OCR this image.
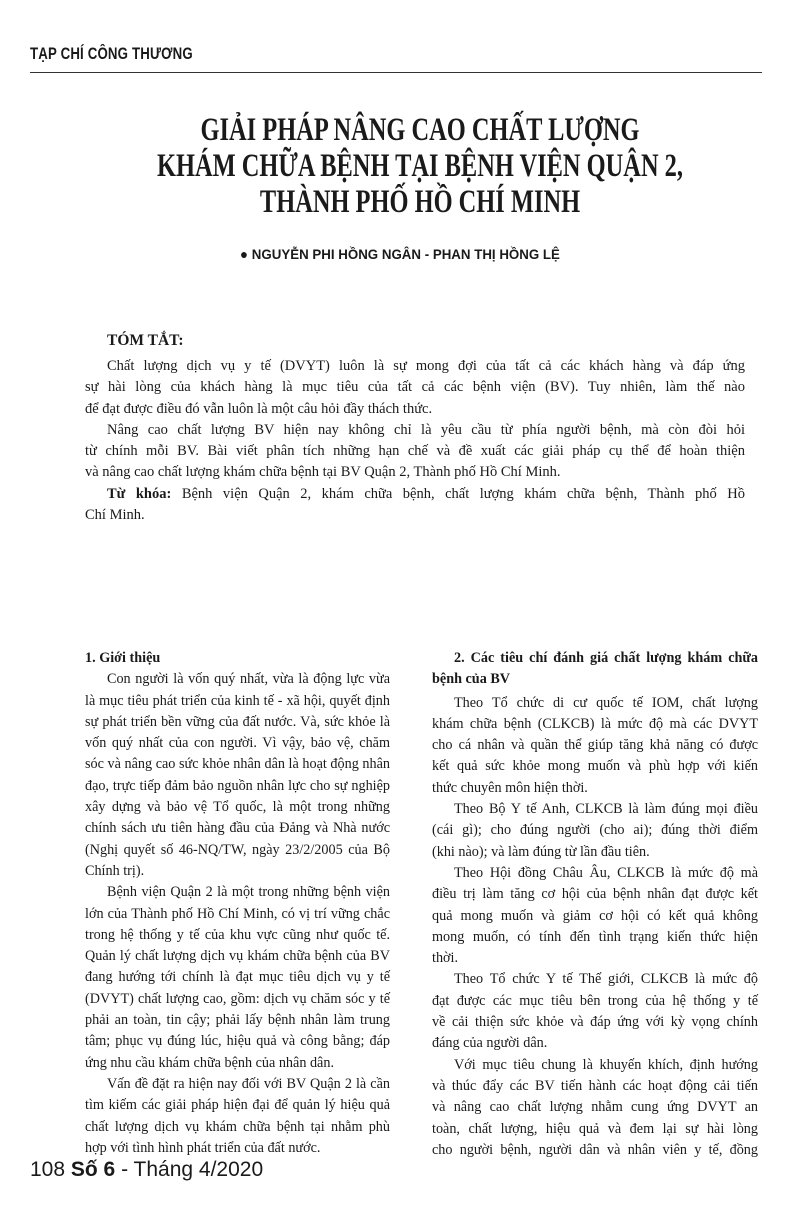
TẠP CHÍ CÔNG THƯƠNG
GIẢI PHÁP NÂNG CAO CHẤT LƯỢNG
KHÁM CHỮA BỆNH TẠI BỆNH VIỆN QUẬN 2,
THÀNH PHỐ HỒ CHÍ MINH
● NGUYỄN PHI HỒNG NGÂN - PHAN THỊ HỒNG LỆ
TÓM TẮT:
Chất lượng dịch vụ y tế (DVYT) luôn là sự mong đợi của tất cả các khách hàng và đáp ứng
sự hài lòng của khách hàng là mục tiêu của tất cả các bệnh viện (BV). Tuy nhiên, làm thế nào
để đạt được điều đó vẫn luôn là một câu hỏi đầy thách thức.
Nâng cao chất lượng BV hiện nay không chỉ là yêu cầu từ phía người bệnh, mà còn đòi hỏi
từ chính mỗi BV. Bài viết phân tích những hạn chế và đề xuất các giải pháp cụ thể để hoàn thiện
và nâng cao chất lượng khám chữa bệnh tại BV Quận 2, Thành phố Hồ Chí Minh.
Từ khóa: Bệnh viện Quận 2, khám chữa bệnh, chất lượng khám chữa bệnh, Thành phố Hồ
Chí Minh.
1. Giới thiệu
Con người là vốn quý nhất, vừa là động lực vừa
là mục tiêu phát triển của kinh tế - xã hội, quyết định
sự phát triển bền vững của đất nước. Và, sức khỏe là
vốn quý nhất của con người. Vì vậy, bảo vệ, chăm
sóc và nâng cao sức khỏe nhân dân là hoạt động nhân
đạo, trực tiếp đảm bảo nguồn nhân lực cho sự nghiệp
xây dựng và bảo vệ Tổ quốc, là một trong những
chính sách ưu tiên hàng đầu của Đảng và Nhà nước
(Nghị quyết số 46-NQ/TW, ngày 23/2/2005 của Bộ
Chính trị).
Bệnh viện Quận 2 là một trong những bệnh viện
lớn của Thành phố Hồ Chí Minh, có vị trí vững chắc
trong hệ thống y tế của khu vực cũng như quốc tế.
Quản lý chất lượng dịch vụ khám chữa bệnh của BV
đang hướng tới chính là đạt mục tiêu dịch vụ y tế
(DVYT) chất lượng cao, gồm: dịch vụ chăm sóc y tế
phải an toàn, tin cậy; phải lấy bệnh nhân làm trung
tâm; phục vụ đúng lúc, hiệu quả và công bằng; đáp
ứng nhu cầu khám chữa bệnh của nhân dân.
Vấn đề đặt ra hiện nay đối với BV Quận 2 là cần
tìm kiếm các giải pháp hiện đại để quản lý hiệu quả
chất lượng dịch vụ khám chữa bệnh tại nhằm phù
hợp với tình hình phát triển của đất nước.
2. Các tiêu chí đánh giá chất lượng khám chữa
bệnh của BV
Theo Tổ chức di cư quốc tế IOM, chất lượng
khám chữa bệnh (CLKCB) là mức độ mà các DVYT
cho cá nhân và quần thể giúp tăng khả năng có được
kết quả sức khỏe mong muốn và phù hợp với kiến
thức chuyên môn hiện thời.
Theo Bộ Y tế Anh, CLKCB là làm đúng mọi điều
(cái gì); cho đúng người (cho ai); đúng thời điểm
(khi nào); và làm đúng từ lần đầu tiên.
Theo Hội đồng Châu Âu, CLKCB là mức độ mà
điều trị làm tăng cơ hội của bệnh nhân đạt được kết
quả mong muốn và giảm cơ hội có kết quả không
mong muốn, có tính đến tình trạng kiến thức hiện
thời.
Theo Tổ chức Y tế Thế giới, CLKCB là mức độ
đạt được các mục tiêu bên trong của hệ thống y tế
về cải thiện sức khỏe và đáp ứng với kỳ vọng chính
đáng của người dân.
Với mục tiêu chung là khuyến khích, định hướng
và thúc đẩy các BV tiến hành các hoạt động cải tiến
và nâng cao chất lượng nhằm cung ứng DVYT an
toàn, chất lượng, hiệu quả và đem lại sự hài lòng
cho người bệnh, người dân và nhân viên y tế, đồng
108 Số 6 - Tháng 4/2020
